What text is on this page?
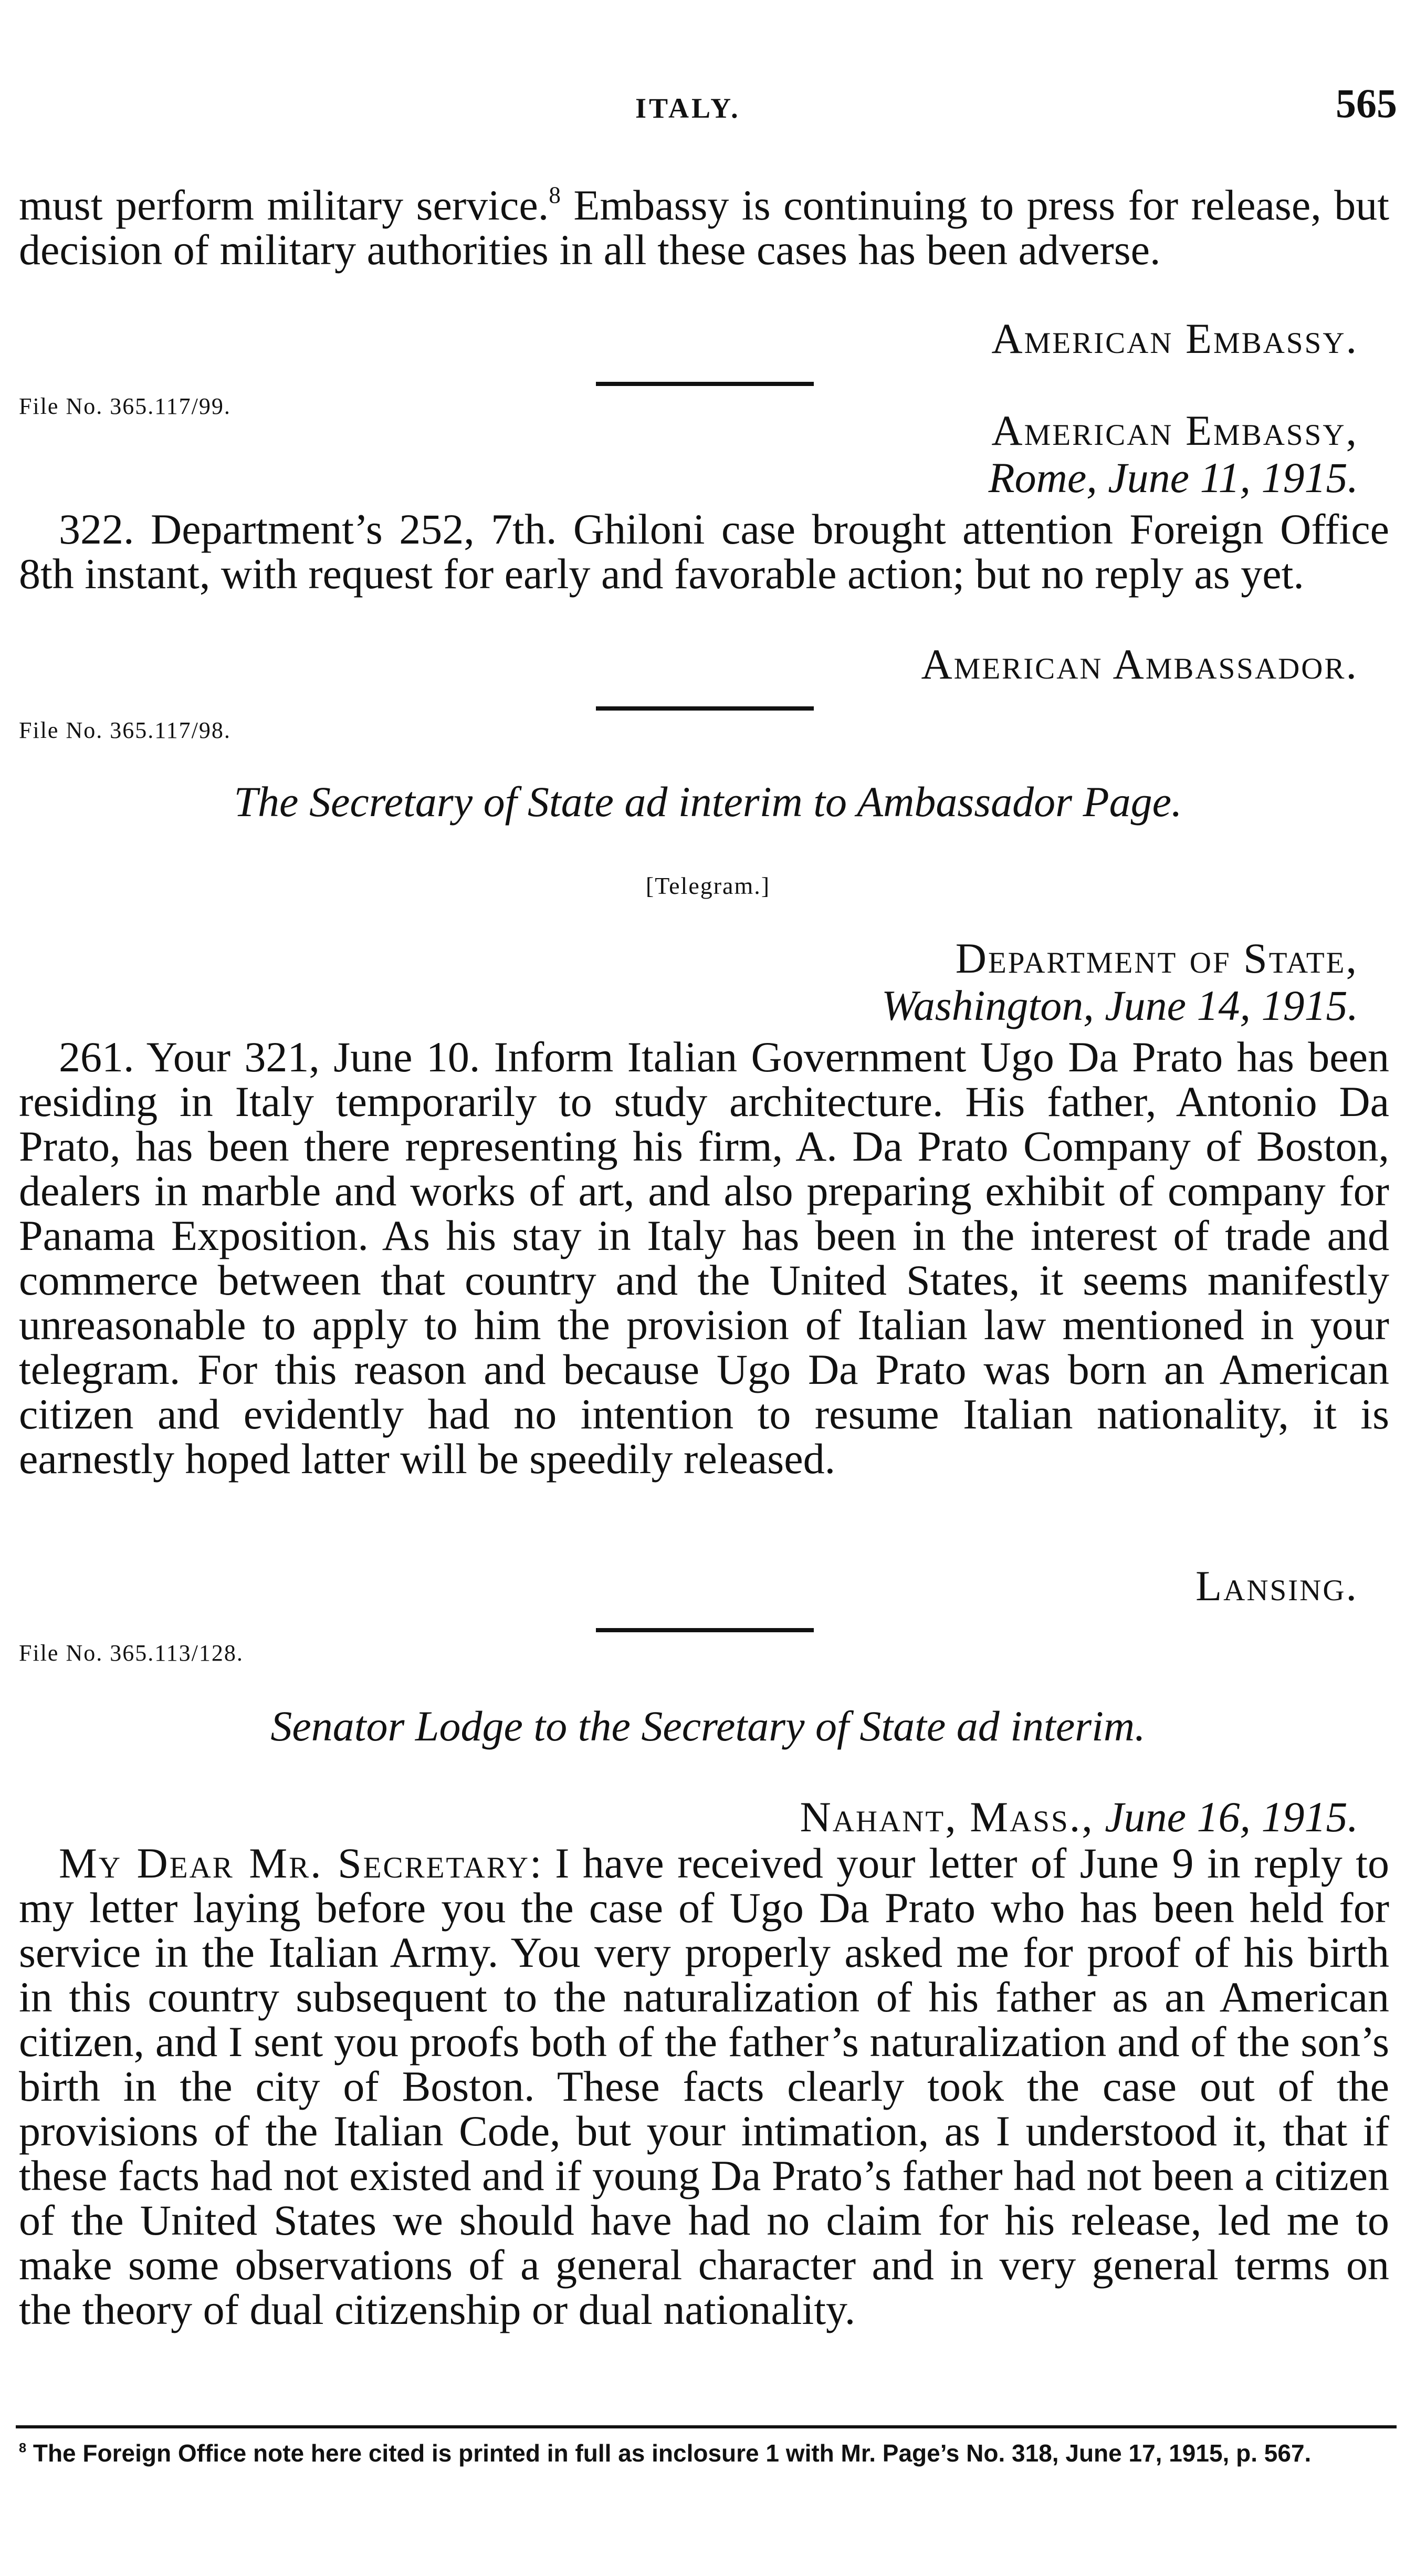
ITALY.	565
must perform military service.$^8$ Embassy is continuing to press for release, but decision of military authorities in all these cases has been adverse.
American Embassy.
File No. 365.117/99.
American Embassy,
Rome, June 11, 1915.
322. Department’s 252, 7th. Ghiloni case brought attention Foreign Office 8th instant, with request for early and favorable action; but no reply as yet.
American Ambassador.
File No. 365.117/98.
The Secretary of State ad interim to Ambassador Page.
[Telegram.]
Department of State,
Washington, June 14, 1915.
261. Your 321, June 10. Inform Italian Government Ugo Da Prato has been residing in Italy temporarily to study architecture. His father, Antonio Da Prato, has been there representing his firm, A. Da Prato Company of Boston, dealers in marble and works of art, and also preparing exhibit of company for Panama Exposition. As his stay in Italy has been in the interest of trade and commerce between that country and the United States, it seems manifestly unreasonable to apply to him the provision of Italian law mentioned in your telegram. For this reason and because Ugo Da Prato was born an American citizen and evidently had no intention to resume Italian nationality, it is earnestly hoped latter will be speedily released.
Lansing.
File No. 365.113/128.
Senator Lodge to the Secretary of State ad interim.
Nahant, Mass., June 16, 1915.
My Dear Mr. Secretary: I have received your letter of June 9 in reply to my letter laying before you the case of Ugo Da Prato who has been held for service in the Italian Army. You very properly asked me for proof of his birth in this country subsequent to the naturalization of his father as an American citizen, and I sent you proofs both of the father’s naturalization and of the son’s birth in the city of Boston. These facts clearly took the case out of the provisions of the Italian Code, but your intimation, as I understood it, that if these facts had not existed and if young Da Prato’s father had not been a citizen of the United States we should have had no claim for his release, led me to make some observations of a general character and in very general terms on the theory of dual citizenship or dual nationality.
$^8$ The Foreign Office note here cited is printed in full as inclosure 1 with Mr. Page’s No. 318, June 17, 1915, p. 567.
